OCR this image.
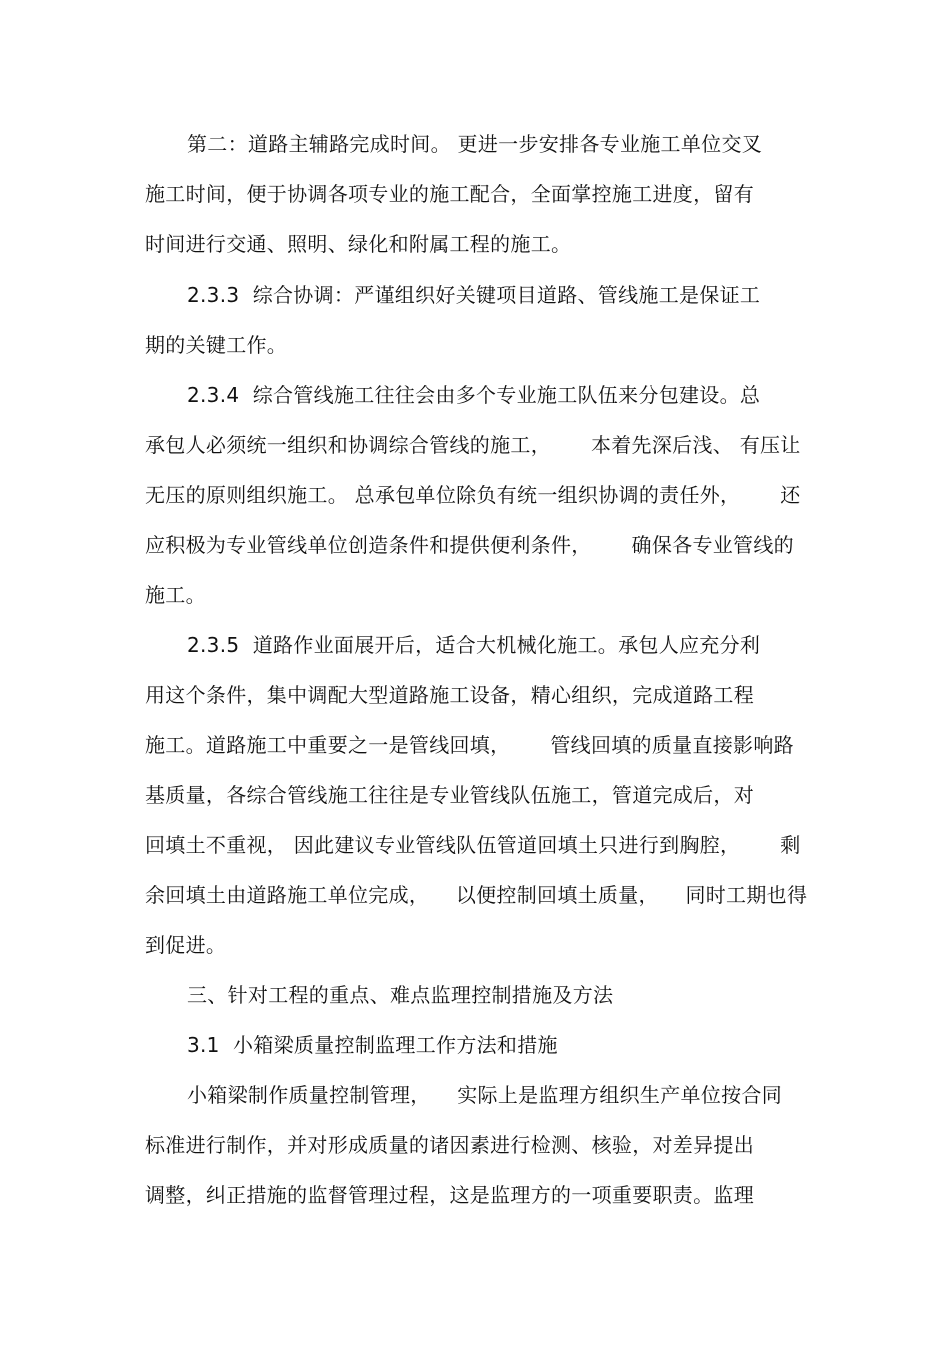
第二：道路主辅路完成时间。 更进一步安排各专业施工单位交叉
施工时间，便于协调各项专业的施工配合，全面掌控施工进度，留有
时间进行交通、照明、绿化和附属工程的施工。
2.3.3  综合协调：严谨组织好关键项目道路、管线施工是保证工
期的关键工作。
2.3.4  综合管线施工往往会由多个专业施工队伍来分包建设。总
承包人必须统一组织和协调综合管线的施工，      本着先深后浅、 有压让
无压的原则组织施工。 总承包单位除负有统一组织协调的责任外，      还
应积极为专业管线单位创造条件和提供便利条件，      确保各专业管线的
施工。
2.3.5  道路作业面展开后，适合大机械化施工。承包人应充分利
用这个条件，集中调配大型道路施工设备，精心组织，完成道路工程
施工。道路施工中重要之一是管线回填，      管线回填的质量直接影响路
基质量，各综合管线施工往往是专业管线队伍施工，管道完成后，对
回填土不重视， 因此建议专业管线队伍管道回填土只进行到胸腔，      剩
余回填土由道路施工单位完成，    以便控制回填土质量，    同时工期也得
到促进。
三、针对工程的重点、难点监理控制措施及方法
3.1  小箱梁质量控制监理工作方法和措施
小箱梁制作质量控制管理，    实际上是监理方组织生产单位按合同
标准进行制作，并对形成质量的诸因素进行检测、核验，对差异提出
调整，纠正措施的监督管理过程，这是监理方的一项重要职责。监理
